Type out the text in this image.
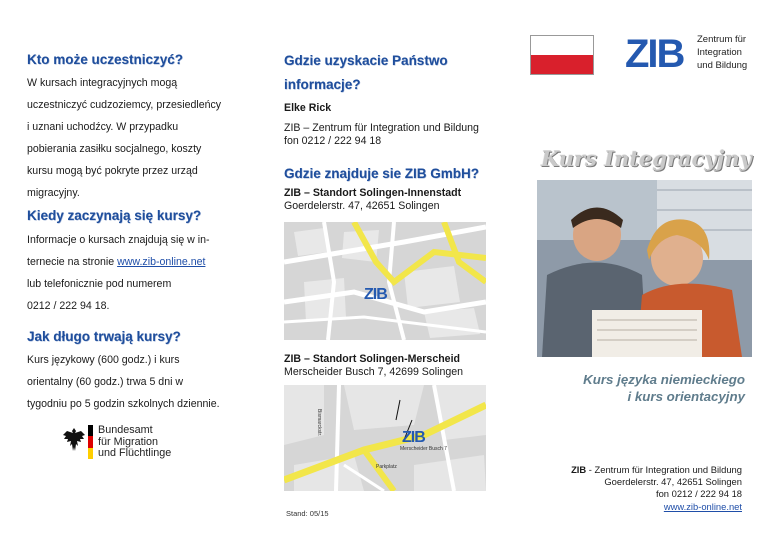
Kto może uczestniczyć?
W kursach integracyjnych mogą
uczestniczyć cudzoziemcy, przesiedleńcy
i uznani uchodźcy. W przypadku
pobierania zasiłku socjalnego, koszty
kursu mogą być pokryte przez urząd
migracyjny.
Kiedy zaczynają się kursy?
Informacje o kursach znajdują się w in-
ternecie na stronie www.zib-online.net
lub telefonicznie pod numerem
0212 / 222 94 18.
Jak długo trwają kursy?
Kurs językowy (600 godz.) i kurs
orientalny (60 godz.) trwa 5 dni w
tygodniu po 5 godzin szkolnych dziennie.
Bundesamt
für Migration
und Flüchtlinge
Gdzie uzyskacie Państwo
informacje?
Elke Rick
ZIB – Zentrum für Integration und Bildung
fon 0212 / 222 94 18
Gdzie znajduje sie ZIB GmbH?
ZIB – Standort Solingen-Innenstadt
Goerdelerstr. 47, 42651 Solingen
ZIB
ZIB – Standort Solingen-Merscheid
Merscheider Busch 7, 42699 Solingen
ZIB
Merscheider Busch 7
Parkplatz
Bismarckstr.
Stand: 05/15
ZIB Zentrum für
Integration
und Bildung
Kurs Integracyjny
Kurs języka niemieckiego
i kurs orientacyjny
ZIB - Zentrum für Integration und Bildung
Goerdelerstr. 47, 42651 Solingen
fon 0212 / 222 94 18
www.zib-online.net
